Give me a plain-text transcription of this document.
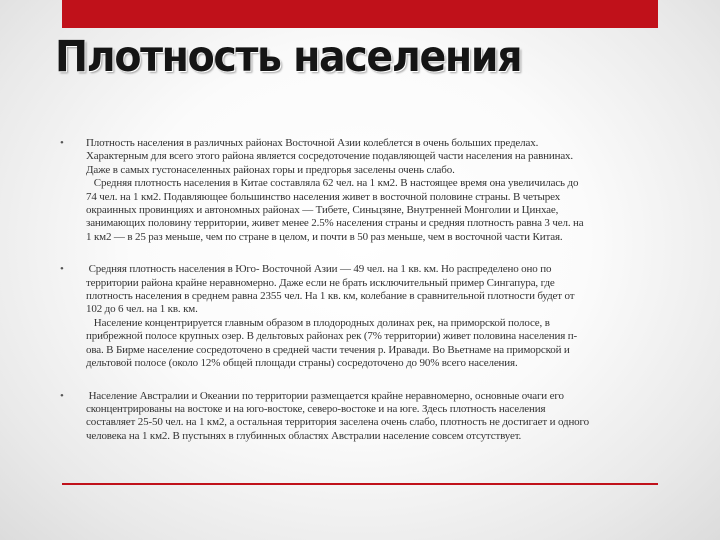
Плотность населения
• Плотность населения в различных районах Восточной Азии колеблется в очень больших пределах.
Характерным для всего этого района является сосредоточение подавляющей части населения на равнинах.
Даже в самых густонаселенных районах горы и предгорья заселены очень слабо.
Средняя плотность населения в Китае составляла 62 чел. на 1 км2. В настоящее время она увеличилась до
74 чел. на 1 км2. Подавляющее большинство населения живет в восточной половине страны. В четырех
окраинных провинциях и автономных районах — Тибете, Синьцзяне, Внутренней Монголии и Цинхае,
занимающих половину территории, живет менее 2.5% населения страны и средняя плотность равна 3 чел. на
1 км2 — в 25 раз меньше, чем по стране в целом, и почти в 50 раз меньше, чем в восточной части Китая.
• Средняя плотность населения в Юго- Восточной Азии — 49 чел. на 1 кв. км. Но распределено оно по
территории района крайне неравномерно. Даже если не брать исключительный пример Сингапура, где
плотность населения в среднем равна 2355 чел. На 1 кв. км, колебание в сравнительной плотности будет от
102 до 6 чел. на 1 кв. км.
Население концентрируется главным образом в плодородных долинах рек, на приморской полосе, в
прибрежной полосе крупных озер. В дельтовых районах рек (7% территории) живет половина населения п-
ова. В Бирме население сосредоточено в средней части течения р. Иравади. Во Вьетнаме на приморской и
дельтовой полосе (около 12% общей площади страны) сосредоточено до 90% всего населения.
• Население Австралии и Океании по территории размещается крайне неравномерно, основные очаги его
сконцентрированы на востоке и на юго-востоке, северо-востоке и на юге. Здесь плотность населения
составляет 25-50 чел. на 1 км2, а остальная территория заселена очень слабо, плотность не достигает и одного
человека на 1 км2. В пустынях в глубинных областях Австралии население совсем отсутствует.
